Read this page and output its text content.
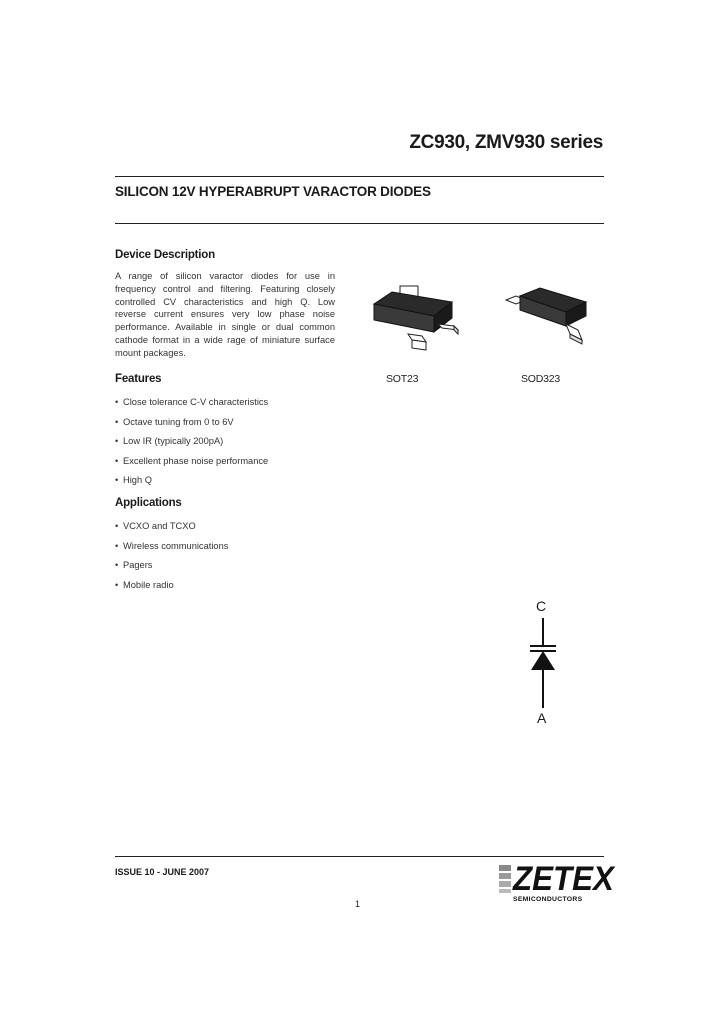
ZC930, ZMV930 series
SILICON 12V HYPERABRUPT VARACTOR DIODES
Device Description
A range of silicon varactor diodes for use in frequency control and filtering. Featuring closely controlled CV characteristics and high Q. Low reverse current ensures very low phase noise performance. Available in single or dual common cathode format in a wide rage of miniature surface mount packages.
Features
• Close tolerance C-V characteristics
• Octave tuning from 0 to 6V
• Low IR (typically 200pA)
• Excellent phase noise performance
• High Q
Applications
• VCXO and TCXO
• Wireless communications
• Pagers
• Mobile radio
SOT23	SOD323
C
A
ISSUE 10 - JUNE 2007
1
ZETEX
SEMICONDUCTORS
